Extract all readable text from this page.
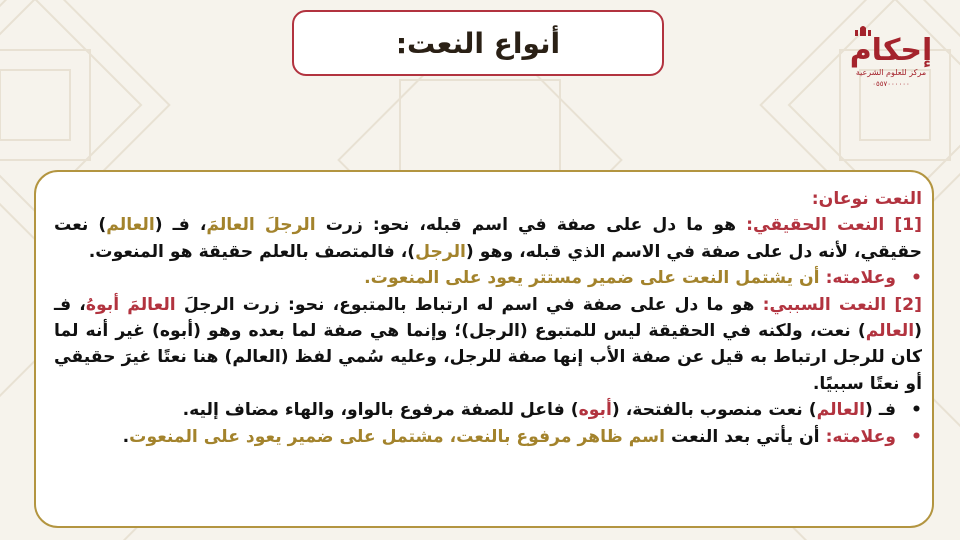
أنواع النعت:	إحكام
مركز للعلوم الشرعية
٠٥٥٧٠٠٠٠٠٠

النعت نوعان:

[1] النعت الحقيقي: هو ما دل على صفة في اسم قبله، نحو: زرت الرجلَ العالمَ، فـ (العالم) نعت حقيقي، لأنه دل على صفة في الاسم الذي قبله، وهو (الرجل)، فالمتصف بالعلم حقيقة هو المنعوت.

•وعلامته: أن يشتمل النعت على ضمير مستتر يعود على المنعوت.

[2] النعت السببي: هو ما دل على صفة في اسم له ارتباط بالمتبوع، نحو: زرت الرجلَ العالمَ أبوهُ، فـ (العالم) نعت، ولكنه في الحقيقة ليس للمتبوع (الرجل)؛ وإنما هي صفة لما بعده وهو (أبوه) غير أنه لما كان للرجل ارتباط به قيل عن صفة الأب إنها صفة للرجل، وعليه سُمي لفظ (العالم) هنا نعتًا غيرَ حقيقي أو نعتًا سببيًا.

•فـ (العالم) نعت منصوب بالفتحة، (أبوه) فاعل للصفة مرفوع بالواو، والهاء مضاف إليه.

•وعلامته: أن يأتي بعد النعت اسم ظاهر مرفوع بالنعت، مشتمل على ضمير يعود على المنعوت.
